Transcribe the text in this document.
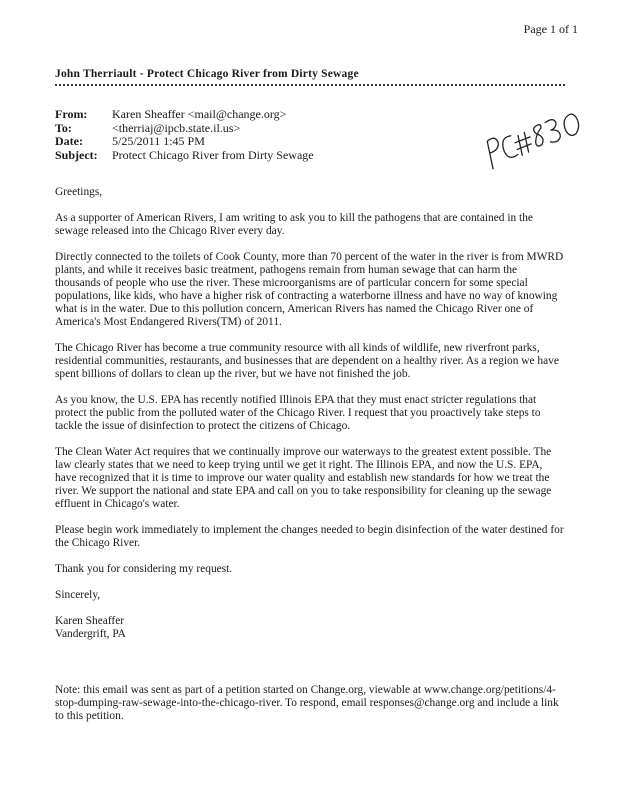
Page 1 of 1
John Therriault - Protect Chicago River from Dirty Sewage
From:	Karen Sheaffer <mail@change.org>
To:	<therriaj@ipcb.state.il.us>
Date:	5/25/2011 1:45 PM
Subject:	Protect Chicago River from Dirty Sewage

Greetings,

As a supporter of American Rivers, I am writing to ask you to kill the pathogens that are contained in the sewage released into the Chicago River every day.

Directly connected to the toilets of Cook County, more than 70 percent of the water in the river is from MWRD plants, and while it receives basic treatment, pathogens remain from human sewage that can harm the thousands of people who use the river. These microorganisms are of particular concern for some special populations, like kids, who have a higher risk of contracting a waterborne illness and have no way of knowing what is in the water. Due to this pollution concern, American Rivers has named the Chicago River one of America's Most Endangered Rivers(TM) of 2011.

The Chicago River has become a true community resource with all kinds of wildlife, new riverfront parks, residential communities, restaurants, and businesses that are dependent on a healthy river. As a region we have spent billions of dollars to clean up the river, but we have not finished the job.

As you know, the U.S. EPA has recently notified Illinois EPA that they must enact stricter regulations that protect the public from the polluted water of the Chicago River. I request that you proactively take steps to tackle the issue of disinfection to protect the citizens of Chicago.

The Clean Water Act requires that we continually improve our waterways to the greatest extent possible. The law clearly states that we need to keep trying until we get it right. The Illinois EPA, and now the U.S. EPA, have recognized that it is time to improve our water quality and establish new standards for how we treat the river. We support the national and state EPA and call on you to take responsibility for cleaning up the sewage effluent in Chicago's water.

Please begin work immediately to implement the changes needed to begin disinfection of the water destined for the Chicago River.

Thank you for considering my request.

Sincerely,

Karen Sheaffer
Vandergrift, PA
Note: this email was sent as part of a petition started on Change.org, viewable at www.change.org/petitions/4-stop-dumping-raw-sewage-into-the-chicago-river. To respond, email responses@change.org and include a link to this petition.
